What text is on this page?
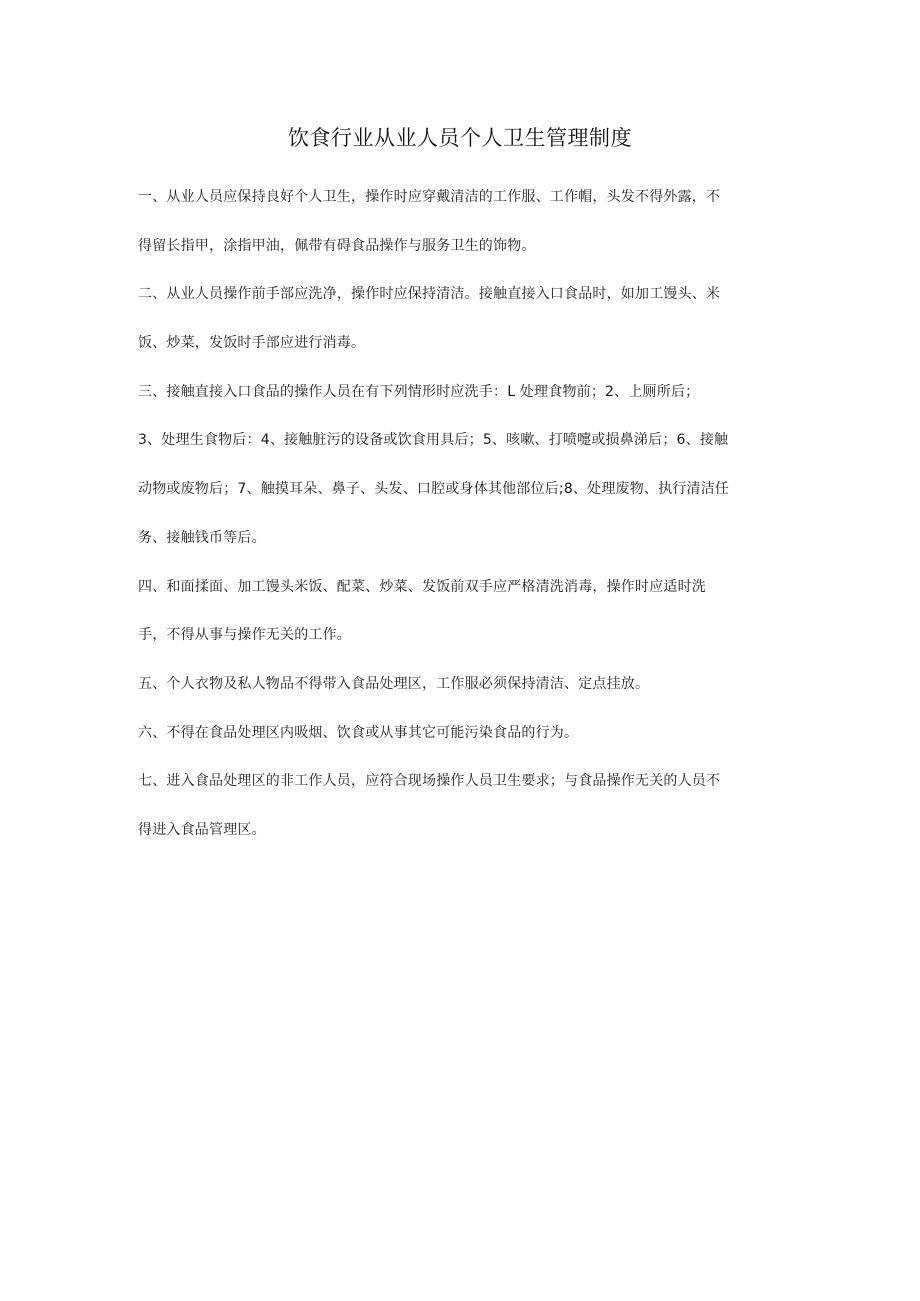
饮食行业从业人员个人卫生管理制度
一、从业人员应保持良好个人卫生，操作时应穿戴清洁的工作服、工作帽，头发不得外露，不
得留长指甲，涂指甲油，佩带有碍食品操作与服务卫生的饰物。
二、从业人员操作前手部应洗净，操作时应保持清洁。接触直接入口食品时，如加工馒头、米
饭、炒菜，发饭时手部应进行消毒。
三、接触直接入口食品的操作人员在有下列情形时应洗手：L 处理食物前；2、上厕所后；
3、处理生食物后：4、接触脏污的设备或饮食用具后；5、咳嗽、打喷嚏或损鼻涕后；6、接触
动物或废物后；7、触摸耳朵、鼻子、头发、口腔或身体其他部位后;8、处理废物、执行清洁任
务、接触钱币等后。
四、和面揉面、加工馒头米饭、配菜、炒菜、发饭前双手应严格清洗消毒，操作时应适时洗
手，不得从事与操作无关的工作。
五、个人衣物及私人物品不得带入食品处理区，工作服必须保持清洁、定点挂放。
六、不得在食品处理区内吸烟、饮食或从事其它可能污染食品的行为。
七、进入食品处理区的非工作人员，应符合现场操作人员卫生要求；与食品操作无关的人员不
得进入食品管理区。
